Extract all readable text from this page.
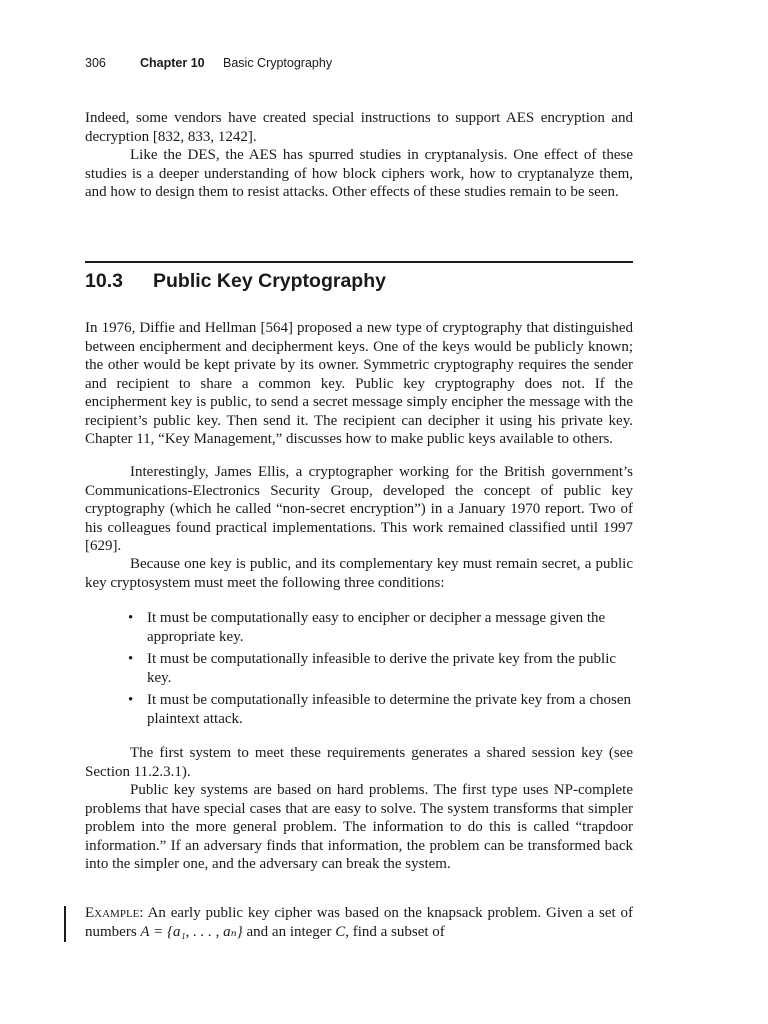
306	Chapter 10 Basic Cryptography

Indeed, some vendors have created special instructions to support AES encryption and decryption [832, 833, 1242].

Like the DES, the AES has spurred studies in cryptanalysis. One effect of these studies is a deeper understanding of how block ciphers work, how to cryptanalyze them, and how to design them to resist attacks. Other effects of these studies remain to be seen.

10.3 Public Key Cryptography

In 1976, Diffie and Hellman [564] proposed a new type of cryptography that distinguished between encipherment and decipherment keys. One of the keys would be publicly known; the other would be kept private by its owner. Symmetric cryptography requires the sender and recipient to share a common key. Public key cryptography does not. If the encipherment key is public, to send a secret message simply encipher the message with the recipient’s public key. Then send it. The recipient can decipher it using his private key. Chapter 11, “Key Management,” discusses how to make public keys available to others.

Interestingly, James Ellis, a cryptographer working for the British government’s Communications-Electronics Security Group, developed the concept of public key cryptography (which he called “non-secret encryption”) in a January 1970 report. Two of his colleagues found practical implementations. This work remained classified until 1997 [629].

Because one key is public, and its complementary key must remain secret, a public key cryptosystem must meet the following three conditions:

• It must be computationally easy to encipher or decipher a message given the appropriate key.
• It must be computationally infeasible to derive the private key from the public key.
• It must be computationally infeasible to determine the private key from a chosen plaintext attack.

The first system to meet these requirements generates a shared session key (see Section 11.2.3.1).

Public key systems are based on hard problems. The first type uses NP-complete problems that have special cases that are easy to solve. The system transforms that simpler problem into the more general problem. The information to do this is called “trapdoor information.” If an adversary finds that information, the problem can be transformed back into the simpler one, and the adversary can break the system.

Example: An early public key cipher was based on the knapsack problem. Given a set of numbers A = {a₁, . . . , aₙ} and an integer C, find a subset of
